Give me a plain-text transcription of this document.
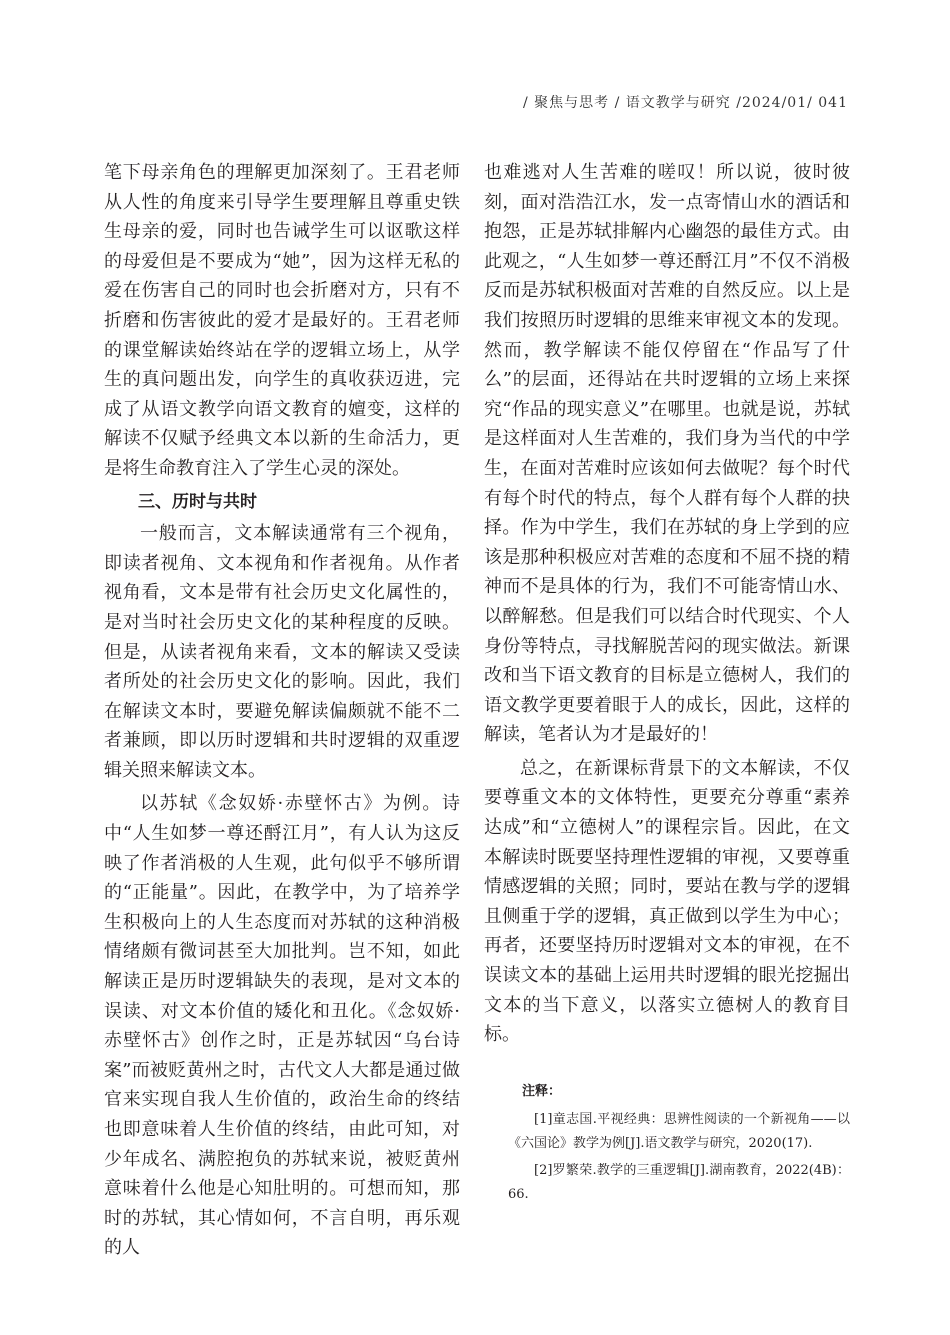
/ 聚焦与思考 / 语文教学与研究 /2024/01/ 041

笔下母亲角色的理解更加深刻了。王君老师从人性的角度来引导学生要理解且尊重史铁生母亲的爱，同时也告诫学生可以讴歌这样的母爱但是不要成为“她”，因为这样无私的爱在伤害自己的同时也会折磨对方，只有不折磨和伤害彼此的爱才是最好的。王君老师的课堂解读始终站在学的逻辑立场上，从学生的真问题出发，向学生的真收获迈进，完成了从语文教学向语文教育的嬗变，这样的解读不仅赋予经典文本以新的生命活力，更是将生命教育注入了学生心灵的深处。

三、历时与共时

一般而言，文本解读通常有三个视角，即读者视角、文本视角和作者视角。从作者视角看，文本是带有社会历史文化属性的，是对当时社会历史文化的某种程度的反映。但是，从读者视角来看，文本的解读又受读者所处的社会历史文化的影响。因此，我们在解读文本时，要避免解读偏颇就不能不二者兼顾，即以历时逻辑和共时逻辑的双重逻辑关照来解读文本。

以苏轼《念奴娇·赤壁怀古》为例。诗中“人生如梦一尊还酹江月”，有人认为这反映了作者消极的人生观，此句似乎不够所谓的“正能量”。因此，在教学中，为了培养学生积极向上的人生态度而对苏轼的这种消极情绪颇有微词甚至大加批判。岂不知，如此解读正是历时逻辑缺失的表现，是对文本的误读、对文本价值的矮化和丑化。《念奴娇·赤壁怀古》创作之时，正是苏轼因“乌台诗案”而被贬黄州之时，古代文人大都是通过做官来实现自我人生价值的，政治生命的终结也即意味着人生价值的终结，由此可知，对少年成名、满腔抱负的苏轼来说，被贬黄州意味着什么他是心知肚明的。可想而知，那时的苏轼，其心情如何，不言自明，再乐观的人

也难逃对人生苦难的嗟叹！所以说，彼时彼刻，面对浩浩江水，发一点寄情山水的酒话和抱怨，正是苏轼排解内心幽怨的最佳方式。由此观之，“人生如梦一尊还酹江月”不仅不消极反而是苏轼积极面对苦难的自然反应。以上是我们按照历时逻辑的思维来审视文本的发现。然而，教学解读不能仅停留在“作品写了什么”的层面，还得站在共时逻辑的立场上来探究“作品的现实意义”在哪里。也就是说，苏轼是这样面对人生苦难的，我们身为当代的中学生，在面对苦难时应该如何去做呢？每个时代有每个时代的特点，每个人群有每个人群的抉择。作为中学生，我们在苏轼的身上学到的应该是那种积极应对苦难的态度和不屈不挠的精神而不是具体的行为，我们不可能寄情山水、以醉解愁。但是我们可以结合时代现实、个人身份等特点，寻找解脱苦闷的现实做法。新课改和当下语文教育的目标是立德树人，我们的语文教学更要着眼于人的成长，因此，这样的解读，笔者认为才是最好的！

总之，在新课标背景下的文本解读，不仅要尊重文本的文体特性，更要充分尊重“素养达成”和“立德树人”的课程宗旨。因此，在文本解读时既要坚持理性逻辑的审视，又要尊重情感逻辑的关照；同时，要站在教与学的逻辑且侧重于学的逻辑，真正做到以学生为中心；再者，还要坚持历时逻辑对文本的审视，在不误读文本的基础上运用共时逻辑的眼光挖掘出文本的当下意义，以落实立德树人的教育目标。

注释：

[1]童志国.平视经典：思辨性阅读的一个新视角——以《六国论》教学为例[J].语文教学与研究，2020(17).

[2]罗繁荣.教学的三重逻辑[J].湖南教育，2022(4B)：66.
